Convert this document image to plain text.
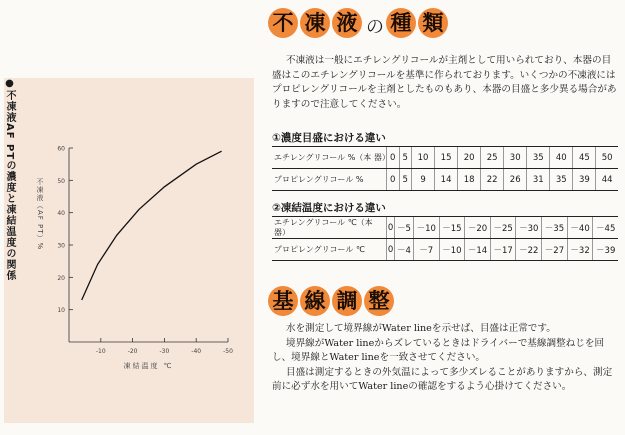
●不凍液AF PTの濃度と凍結温度の関係
10
20
30
40
50
60
-10	-20	-30	-40	-50
不凍液（AF PT）%
凍結温度 ℃
不 凍 液 の 種 類

不凍液は一般にエチレングリコールが主剤として用いられており、本器の目盛はこのエチレングリコールを基準に作られております。いくつかの不凍液にはプロピレングリコールを主剤としたものもあり、本器の目盛と多少異る場合がありますので注意してください。

①濃度目盛における違い
エチレングリコール %（本 器）	0	5	10	15	20	25	30	35	40	45	50
プロピレングリコール %	0	5	9	14	18	22	26	31	35	39	44
②凍結温度における違い
エチレングリコール ℃（本 器）	0	－5	－10	－15	－20	－25	－30	－35	－40	－45
プロピレングリコール ℃	0	－4	－7	－10	－14	－17	－22	－27	－32	－39
基 線 調 整

水を測定して境界線がWater lineを示せば、目盛は正常です。

境界線がWater lineからズレているときはドライバーで基線調整ねじを回し、境界線とWater lineを一致させてください。

目盛は測定するときの外気温によって多少ズレることがありますから、測定前に必ず水を用いてWater lineの確認をするよう心掛けてください。
